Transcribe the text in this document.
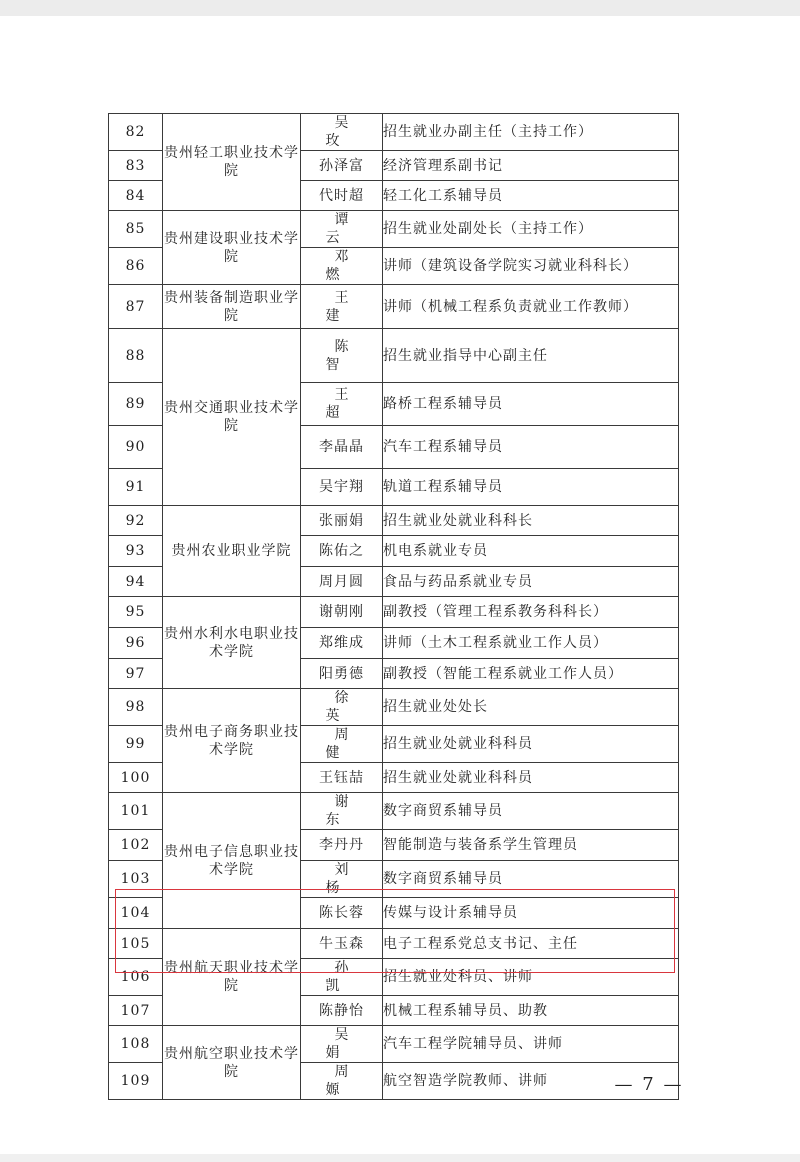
82	贵州轻工职业技术学院	吴 玫	招生就业办副主任（主持工作）
83		孙泽富	经济管理系副书记
84		代时超	轻工化工系辅导员
85	贵州建设职业技术学院	谭 云	招生就业处副处长（主持工作）
86		邓 燃	讲师（建筑设备学院实习就业科科长）
87	贵州装备制造职业学院	王 建	讲师（机械工程系负责就业工作教师）
88	贵州交通职业技术学院	陈 智	招生就业指导中心副主任
89		王 超	路桥工程系辅导员
90		李晶晶	汽车工程系辅导员
91		吴宇翔	轨道工程系辅导员
92	贵州农业职业学院	张丽娟	招生就业处就业科科长
93		陈佑之	机电系就业专员
94		周月圆	食品与药品系就业专员
95	贵州水利水电职业技术学院	谢朝刚	副教授（管理工程系教务科科长）
96		郑维成	讲师（土木工程系就业工作人员）
97		阳勇德	副教授（智能工程系就业工作人员）
98	贵州电子商务职业技术学院	徐 英	招生就业处处长
99		周 健	招生就业处就业科科员
100		王钰喆	招生就业处就业科科员
101	贵州电子信息职业技术学院	谢 东	数字商贸系辅导员
102		李丹丹	智能制造与装备系学生管理员
103		刘 杨	数字商贸系辅导员
104		陈长蓉	传媒与设计系辅导员
105	贵州航天职业技术学院	牛玉森	电子工程系党总支书记、主任
106		孙 凯	招生就业处科员、讲师
107		陈静怡	机械工程系辅导员、助教
108	贵州航空职业技术学院	吴 娟	汽车工程学院辅导员、讲师
109		周 嫄	航空智造学院教师、讲师	— 7 —
